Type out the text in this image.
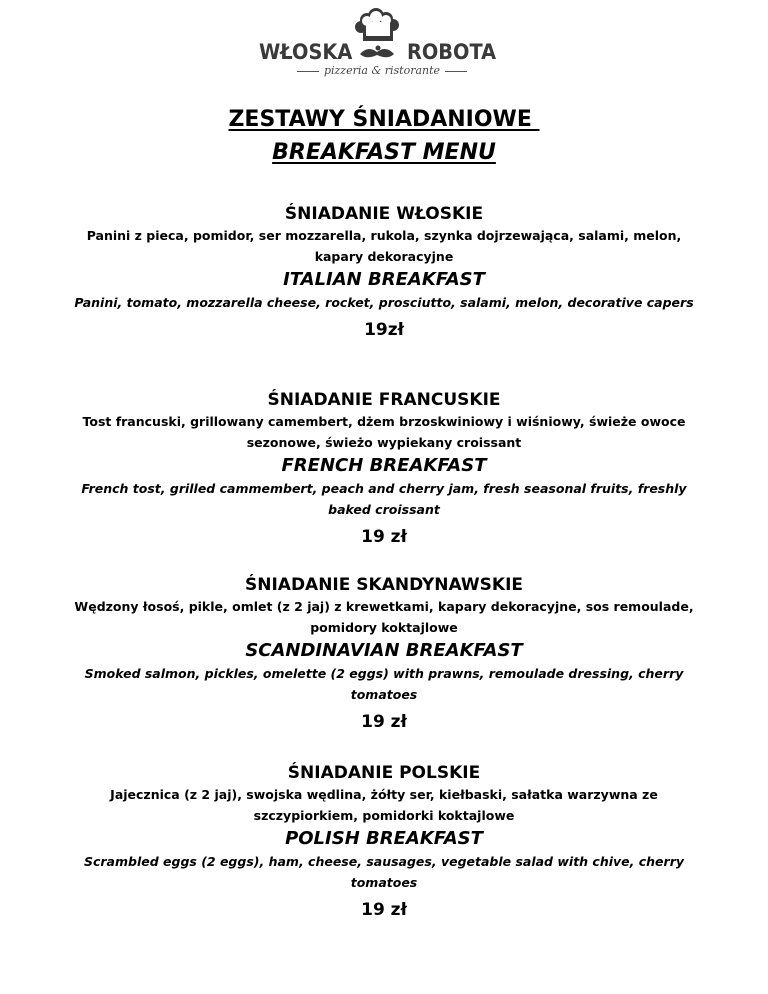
WŁOSKA	ROBOTA
pizzeria & ristorante
ZESTAWY ŚNIADANIOWE
BREAKFAST MENU

ŚNIADANIE WŁOSKIE

Panini z pieca, pomidor, ser mozzarella, rukola, szynka dojrzewająca, salami, melon, kapary dekoracyjne

ITALIAN BREAKFAST

Panini, tomato, mozzarella cheese, rocket, prosciutto, salami, melon, decorative capers

19zł

ŚNIADANIE FRANCUSKIE

Tost francuski, grillowany camembert, dżem brzoskwiniowy i wiśniowy, świeże owoce sezonowe, świeżo wypiekany croissant

FRENCH BREAKFAST

French tost, grilled cammembert, peach and cherry jam, fresh seasonal fruits, freshly baked croissant

19 zł

ŚNIADANIE SKANDYNAWSKIE

Wędzony łosoś, pikle, omlet (z 2 jaj) z krewetkami, kapary dekoracyjne, sos remoulade, pomidory koktajlowe

SCANDINAVIAN BREAKFAST

Smoked salmon, pickles, omelette (2 eggs) with prawns, remoulade dressing, cherry tomatoes

19 zł

ŚNIADANIE POLSKIE

Jajecznica (z 2 jaj), swojska wędlina, żółty ser, kiełbaski, sałatka warzywna ze szczypiorkiem, pomidorki koktajlowe

POLISH BREAKFAST

Scrambled eggs (2 eggs), ham, cheese, sausages, vegetable salad with chive, cherry tomatoes

19 zł
